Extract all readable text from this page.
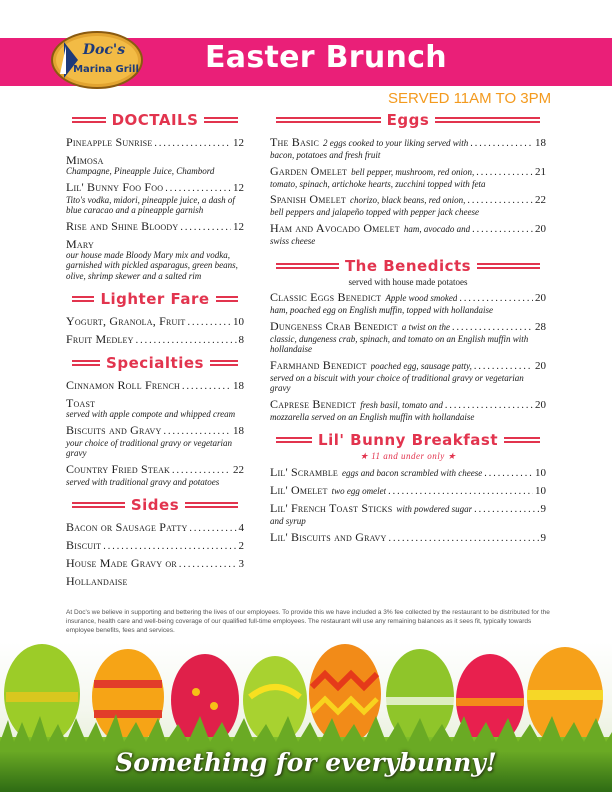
Doc's
Marina Grill Easter Brunch
SERVED 11AM TO 3PM
DOCTAILS
Pineapple Sunrise .....	12
Mimosa
Champagne, Pineapple Juice, Chambord
Lil' Bunny Foo Foo .....	12
Tito's vodka, midori, pineapple juice, a dash of blue caracao and a pineapple garnish
Rise and Shine Bloody .....	12
Mary
our house made Bloody Mary mix and vodka, garnished with pickled asparagus, green beans, olive, shrimp skewer and a salted rim
Lighter Fare
Yogurt, Granola, Fruit .....	10
Fruit Medley .....	8
Specialties
Cinnamon Roll French .....	18
Toast
served with apple compote and whipped cream
Biscuits and Gravy .....	18
your choice of traditional gravy or vegetarian gravy
Country Fried Steak .....	22
served with traditional gravy and potatoes
Sides
Bacon or Sausage Patty .....	4
Biscuit .....	2
House Made Gravy or .....	3
Hollandaise
Eggs
The Basic 2 eggs cooked to your liking served with .....	18
bacon, potatoes and fresh fruit
Garden Omelet bell pepper, mushroom, red onion, .....	21
tomato, spinach, artichoke hearts, zucchini topped with feta
Spanish Omelet chorizo, black beans, red onion, .....	22
bell peppers and jalapeño topped with pepper jack cheese
Ham and Avocado Omelet ham, avocado and .....	20
swiss cheese
The Benedicts
served with house made potatoes
Classic Eggs Benedict Apple wood smoked .....	20
ham, poached egg on English muffin, topped with hollandaise
Dungeness Crab Benedict a twist on the .....	28
classic, dungeness crab, spinach, and tomato on an English muffin with hollandaise
Farmhand Benedict poached egg, sausage patty, .....	20
served on a biscuit with your choice of traditional gravy or vegetarian gravy
Caprese Benedict fresh basil, tomato and .....	20
mozzarella served on an English muffin with hollandaise
Lil' Bunny Breakfast
★ 11 and under only ★
Lil' Scramble eggs and bacon scrambled with cheese .....	10
Lil' Omelet two egg omelet .....	10
Lil' French Toast Sticks with powdered sugar .....	9
and syrup
Lil' Biscuits and Gravy .....	9
At Doc's we believe in supporting and bettering the lives of our employees. To provide this we have included a 3% fee collected by the restaurant to be distributed for the insurance, health care and well-being coverage of our qualified full-time employees. The restaurant will use any remaining balances as it sees fit, typically towards employee benefits, fees and services.
Something for everybunny!
